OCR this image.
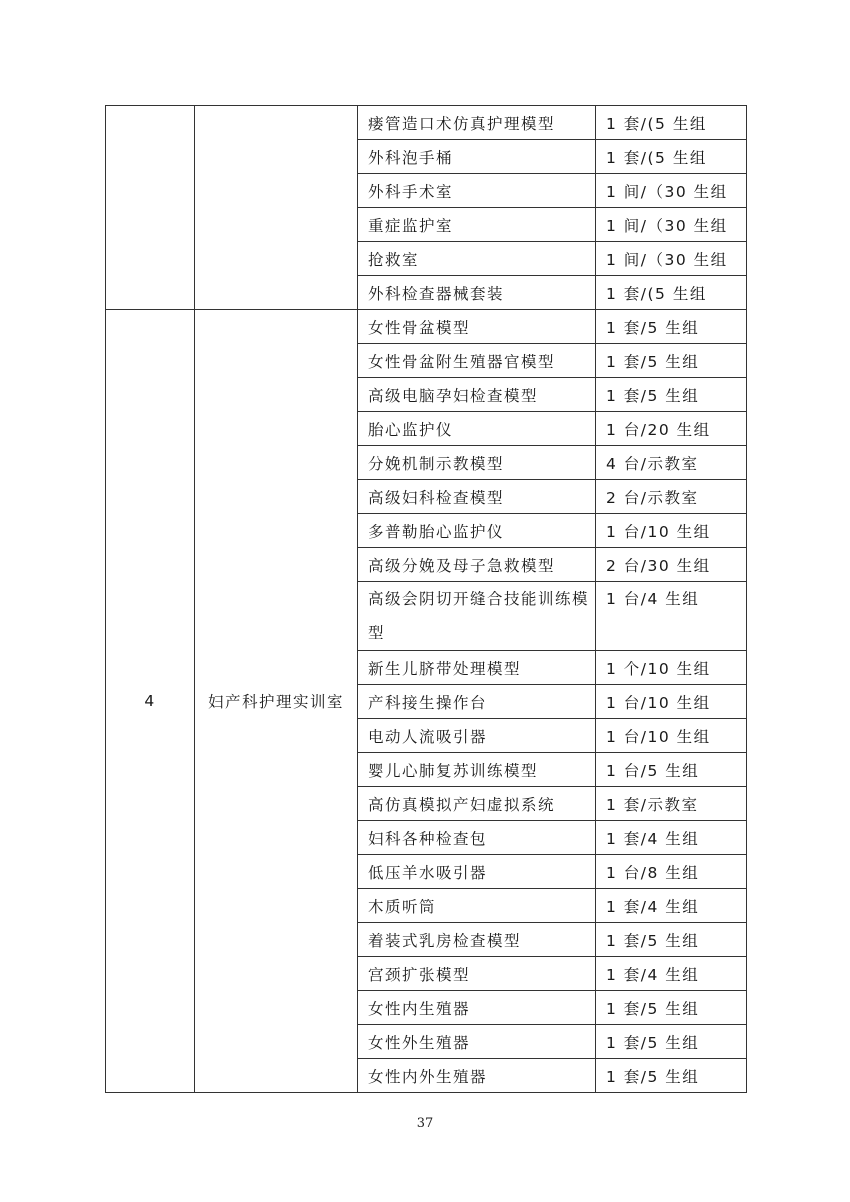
		瘘管造口术仿真护理模型	1 套/(5 生组
		外科泡手桶	1 套/(5 生组
		外科手术室	1 间/（30 生组
		重症监护室	1 间/（30 生组
		抢救室	1 间/（30 生组
		外科检查器械套装	1 套/(5 生组
4	妇产科护理实训室	女性骨盆模型	1 套/5 生组
		女性骨盆附生殖器官模型	1 套/5 生组
		高级电脑孕妇检查模型	1 套/5 生组
		胎心监护仪	1 台/20 生组
		分娩机制示教模型	4 台/示教室
		高级妇科检查模型	2 台/示教室
		多普勒胎心监护仪	1 台/10 生组
		高级分娩及母子急救模型	2 台/30 生组
		高级会阴切开缝合技能训练模型	1 台/4 生组
		新生儿脐带处理模型	1 个/10 生组
		产科接生操作台	1 台/10 生组
		电动人流吸引器	1 台/10 生组
		婴儿心肺复苏训练模型	1 台/5 生组
		高仿真模拟产妇虚拟系统	1 套/示教室
		妇科各种检查包	1 套/4 生组
		低压羊水吸引器	1 台/8 生组
		木质听筒	1 套/4 生组
		着装式乳房检查模型	1 套/5 生组
		宫颈扩张模型	1 套/4 生组
		女性内生殖器	1 套/5 生组
		女性外生殖器	1 套/5 生组
		女性内外生殖器	1 套/5 生组
37
